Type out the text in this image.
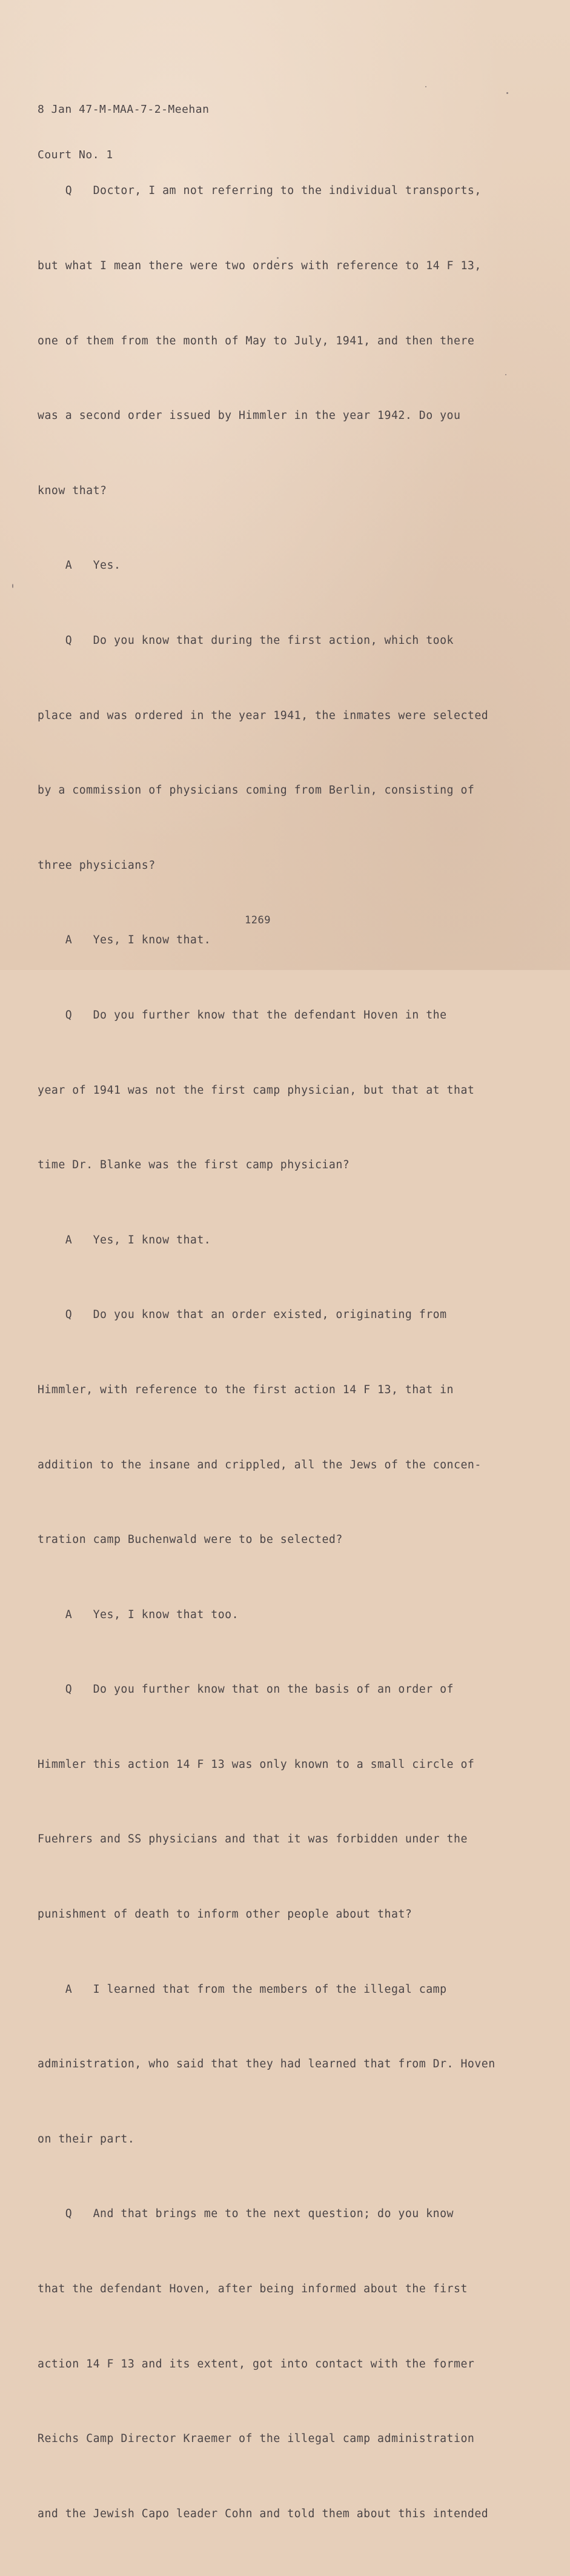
8 Jan 47-M-MAA-7-2-Meehan

Court No. 1

Q   Doctor, I am not referring to the individual transports,

but what I mean there were two orders with reference to 14 F 13,

one of them from the month of May to July, 1941, and then there

was a second order issued by Himmler in the year 1942. Do you

know that?

A   Yes.

Q   Do you know that during the first action, which took

place and was ordered in the year 1941, the inmates were selected

by a commission of physicians coming from Berlin, consisting of

three physicians?

A   Yes, I know that.

Q   Do you further know that the defendant Hoven in the

year of 1941 was not the first camp physician, but that at that

time Dr. Blanke was the first camp physician?

A   Yes, I know that.

Q   Do you know that an order existed, originating from

Himmler, with reference to the first action 14 F 13, that in

addition to the insane and crippled, all the Jews of the concen-

tration camp Buchenwald were to be selected?

A   Yes, I know that too.

Q   Do you further know that on the basis of an order of

Himmler this action 14 F 13 was only known to a small circle of

Fuehrers and SS physicians and that it was forbidden under the

punishment of death to inform other people about that?

A   I learned that from the members of the illegal camp

administration, who said that they had learned that from Dr. Hoven

on their part.

Q   And that brings me to the next question; do you know

that the defendant Hoven, after being informed about the first

action 14 F 13 and its extent, got into contact with the former

Reichs Camp Director Kraemer of the illegal camp administration

and the Jewish Capo leader Cohn and told them about this intended

1269
